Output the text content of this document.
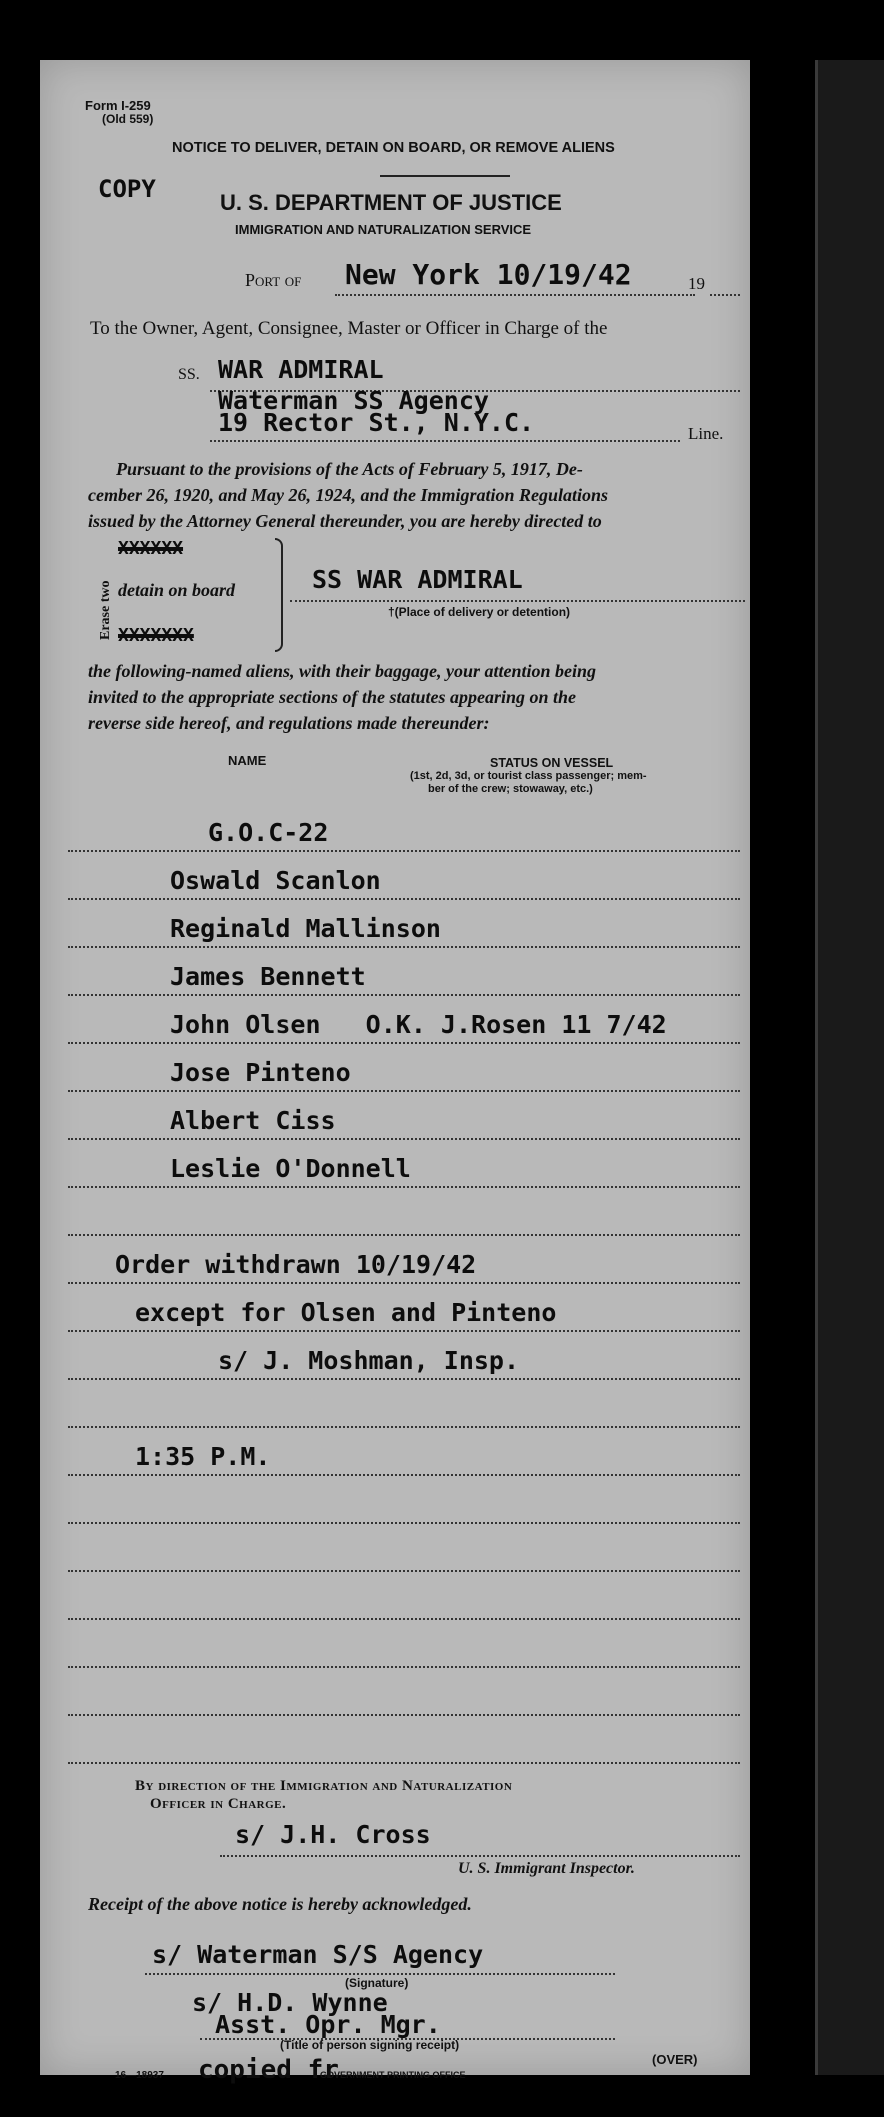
Form I-259
(Old 559)
NOTICE TO DELIVER, DETAIN ON BOARD, OR REMOVE ALIENS
COPY	U. S. DEPARTMENT OF JUSTICE
IMMIGRATION AND NATURALIZATION SERVICE
Port of New York 10/19/42	19
To the Owner, Agent, Consignee, Master or Officer in Charge of the
SS. WAR ADMIRAL
Waterman SS Agency
19 Rector St., N.Y.C.	Line.
Pursuant to the provisions of the Acts of February 5, 1917, De-
cember 26, 1920, and May 26, 1924, and the Immigration Regulations
issued by the Attorney General thereunder, you are hereby directed to
Erase two
XXXXXX
detain on board
XXXXXXX
SS WAR ADMIRAL
†(Place of delivery or detention)
the following-named aliens, with their baggage, your attention being
invited to the appropriate sections of the statutes appearing on the
reverse side hereof, and regulations made thereunder:
NAME	STATUS ON VESSEL
(1st, 2d, 3d, or tourist class passenger; mem-
ber of the crew; stowaway, etc.)
G.O.C-22
Oswald Scanlon
Reginald Mallinson
James Bennett
John Olsen   O.K. J.Rosen 11 7/42
Jose Pinteno
Albert Ciss
Leslie O'Donnell
Order withdrawn 10/19/42
except for Olsen and Pinteno
s/ J. Moshman, Insp.
1:35 P.M.
By direction of the Immigration and Naturalization
Officer in Charge.
s/ J.H. Cross
U. S. Immigrant Inspector.
Receipt of the above notice is hereby acknowledged.
s/ Waterman S/S Agency
(Signature)
s/ H.D. Wynne
Asst. Opr. Mgr.
(Title of person signing receipt)
16—18937 copied fr
GOVERNMENT PRINTING OFFICE
(OVER)
